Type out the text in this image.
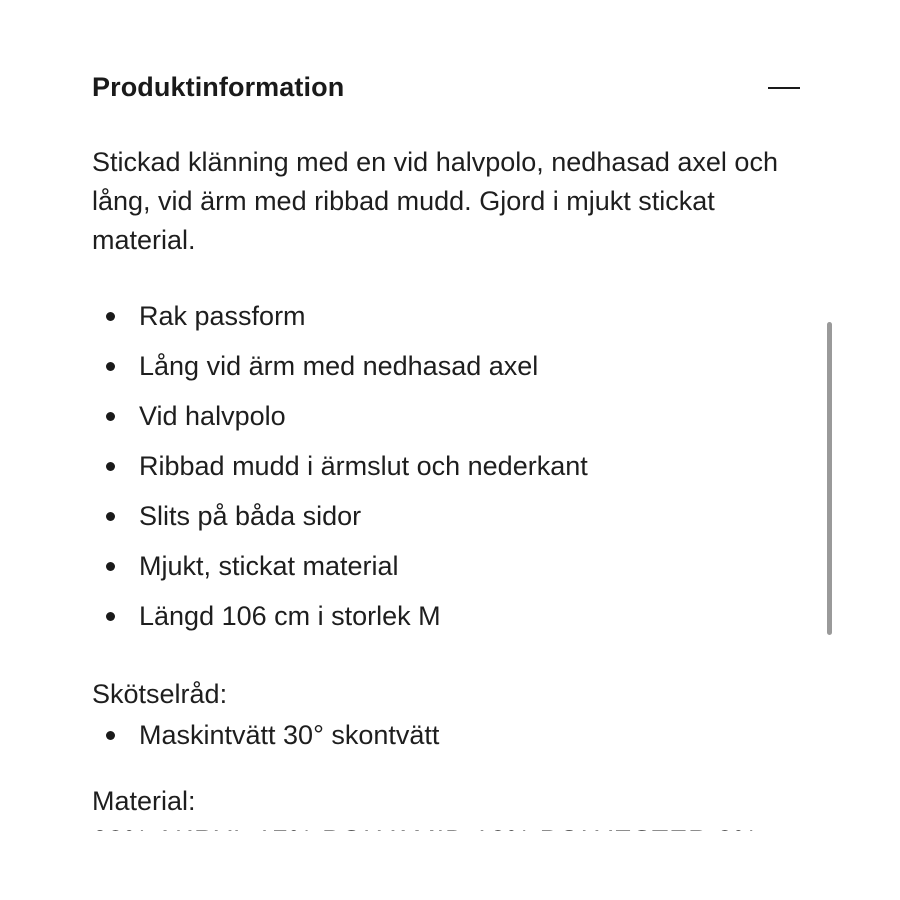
Produktinformation

Stickad klänning med en vid halvpolo, nedhasad axel och lång, vid ärm med ribbad mudd. Gjord i mjukt stickat material.

Rak passform
Lång vid ärm med nedhasad axel
Vid halvpolo
Ribbad mudd i ärmslut och nederkant
Slits på båda sidor
Mjukt, stickat material
Längd 106 cm i storlek M
Skötselråd:
Maskintvätt 30° skontvätt
Material:
